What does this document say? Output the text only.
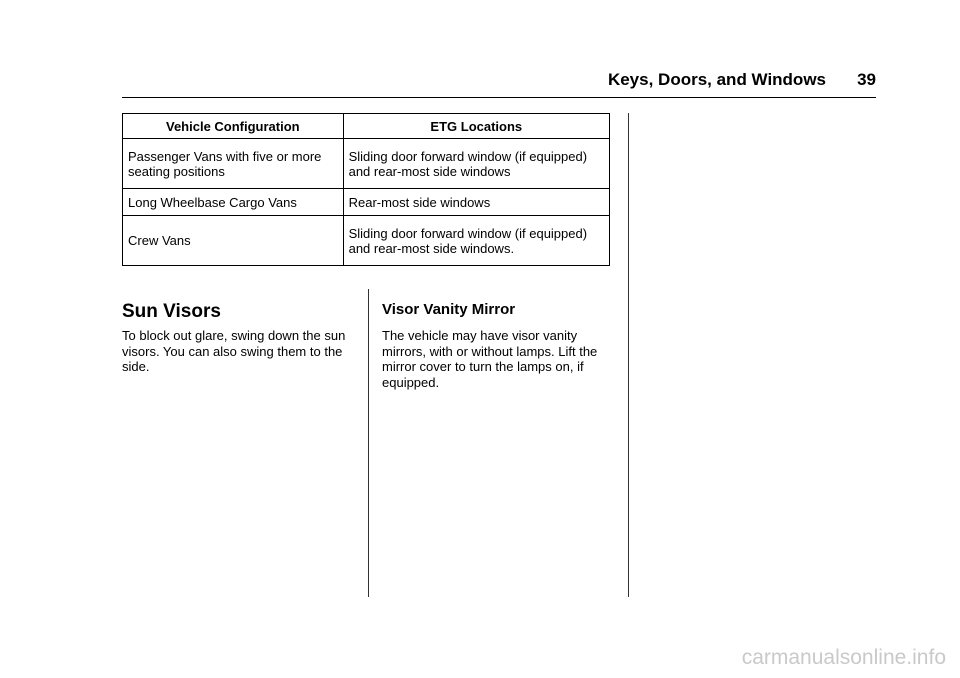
Keys, Doors, and Windows	39
Vehicle Configuration	ETG Locations
Passenger Vans with five or more seating positions	Sliding door forward window (if equipped) and rear-most side windows
Long Wheelbase Cargo Vans	Rear-most side windows
Crew Vans	Sliding door forward window (if equipped) and rear-most side windows.
Sun Visors
To block out glare, swing down the sun visors. You can also swing them to the side.
Visor Vanity Mirror
The vehicle may have visor vanity mirrors, with or without lamps. Lift the mirror cover to turn the lamps on, if equipped.
carmanualsonline.info
